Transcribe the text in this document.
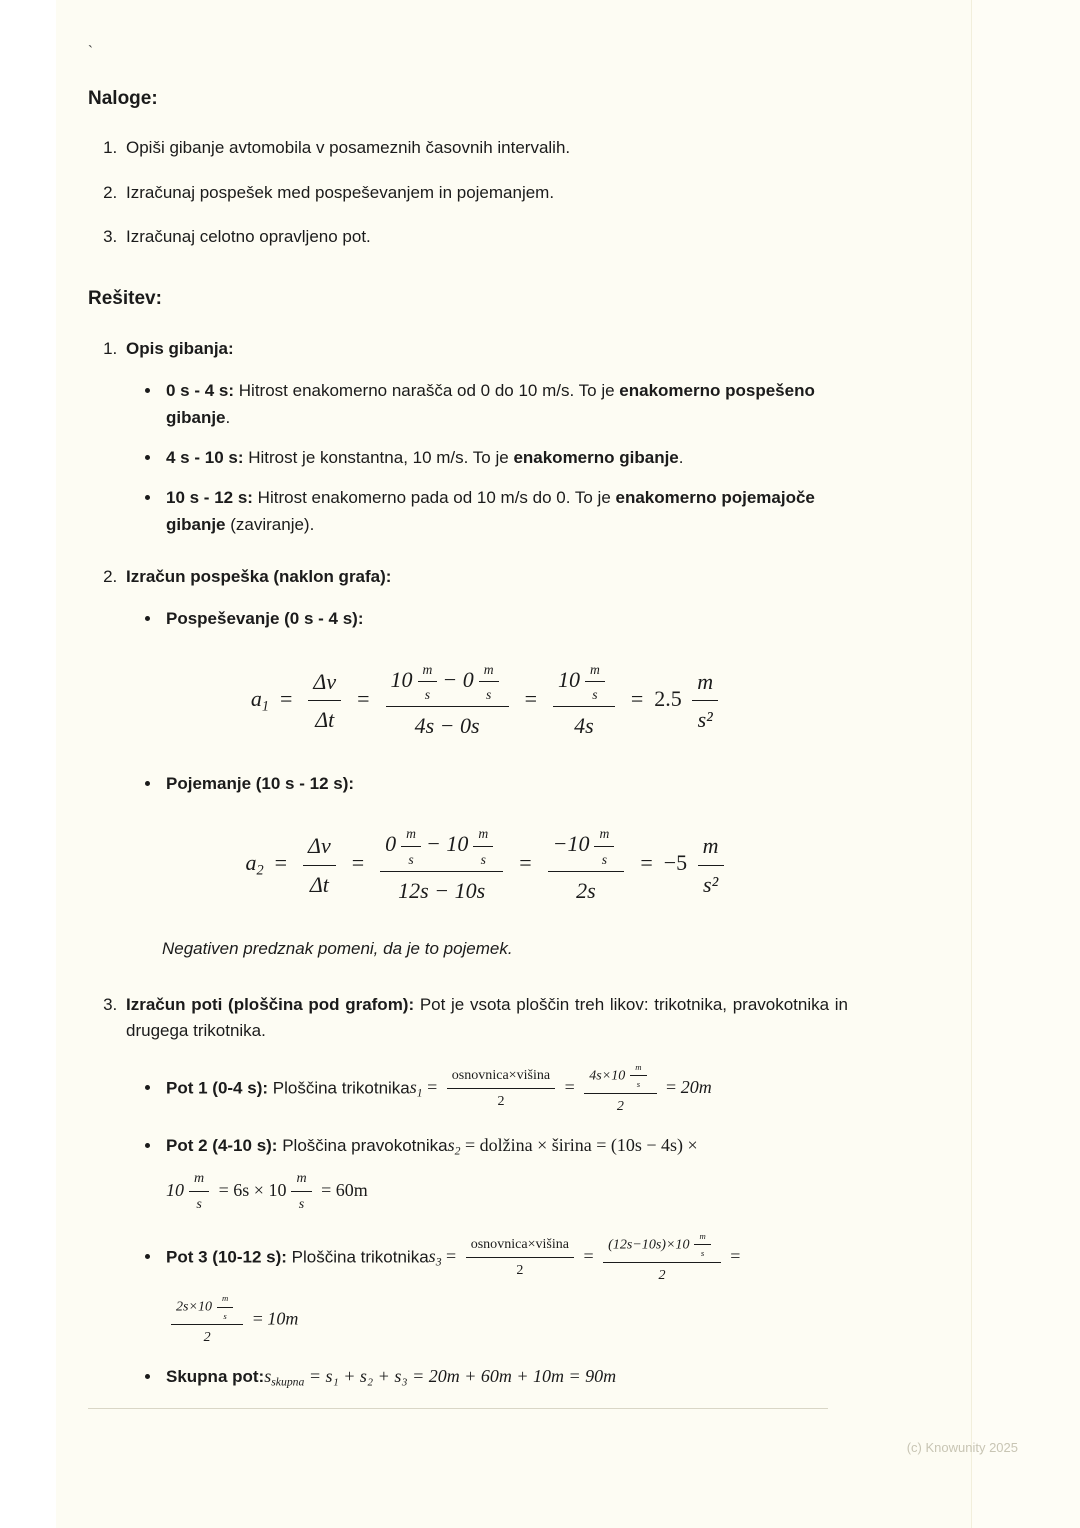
`
Naloge:
1. Opiši gibanje avtomobila v posameznih časovnih intervalih.
2. Izračunaj pospešek med pospeševanjem in pojemanjem.
3. Izračunaj celotno opravljeno pot.
Rešitev:
1. Opis gibanja:
• 0 s - 4 s: Hitrost enakomerno narašča od 0 do 10 m/s. To je enakomerno pospešeno gibanje.
• 4 s - 10 s: Hitrost je konstantna, 10 m/s. To je enakomerno gibanje.
• 10 s - 12 s: Hitrost enakomerno pada od 10 m/s do 0. To je enakomerno pojemajoče gibanje (zaviranje).
2. Izračun pospeška (naklon grafa):
• Pospeševanje (0 s - 4 s):
$a_1 = \frac{\Delta v}{\Delta t} = \frac{10 \frac{m}{s} - 0 \frac{m}{s}}{4s - 0s} = \frac{10 \frac{m}{s}}{4s} = 2.5 \frac{m}{\text{s²}}$
• Pojemanje (10 s - 12 s):
$a_2 = \frac{\Delta v}{\Delta t} = \frac{0 \frac{m}{s} - 10 \frac{m}{s}}{12s - 10s} = \frac{-10 \frac{m}{s}}{2s} = -5 \frac{m}{\text{s²}}$
Negativen predznak pomeni, da je to pojemek.
3. Izračun poti (ploščina pod grafom): Pot je vsota ploščin treh likov: trikotnika, pravokotnika in drugega trikotnika.
• Pot 1 (0-4 s): Ploščina trikotnikas$_1$ = $\frac{\text{osnovnica×višina}}{2} = \frac{4s\times 10 \frac{m}{s}}{2} = 20m$
• Pot 2 (4-10 s): Ploščina pravokotnikas$_2$ = dolžina × širina = (10s − 4s) ×
$10 \frac{m}{s} = 6s \times 10 \frac{m}{s} = 60m$
• Pot 3 (10-12 s): Ploščina trikotnikas$_3$ = $\frac{\text{osnovnica×višina}}{2} = \frac{(12s-10s)\times 10 \frac{m}{s}}{2}$ =
$\frac{2s\times 10 \frac{m}{s}}{2} = 10m$
• Skupna $pot:s_{skupna} = s_1 + s_2 + s_3 = 20m + 60m + 10m = 90m$
(c) Knowunity 2025
